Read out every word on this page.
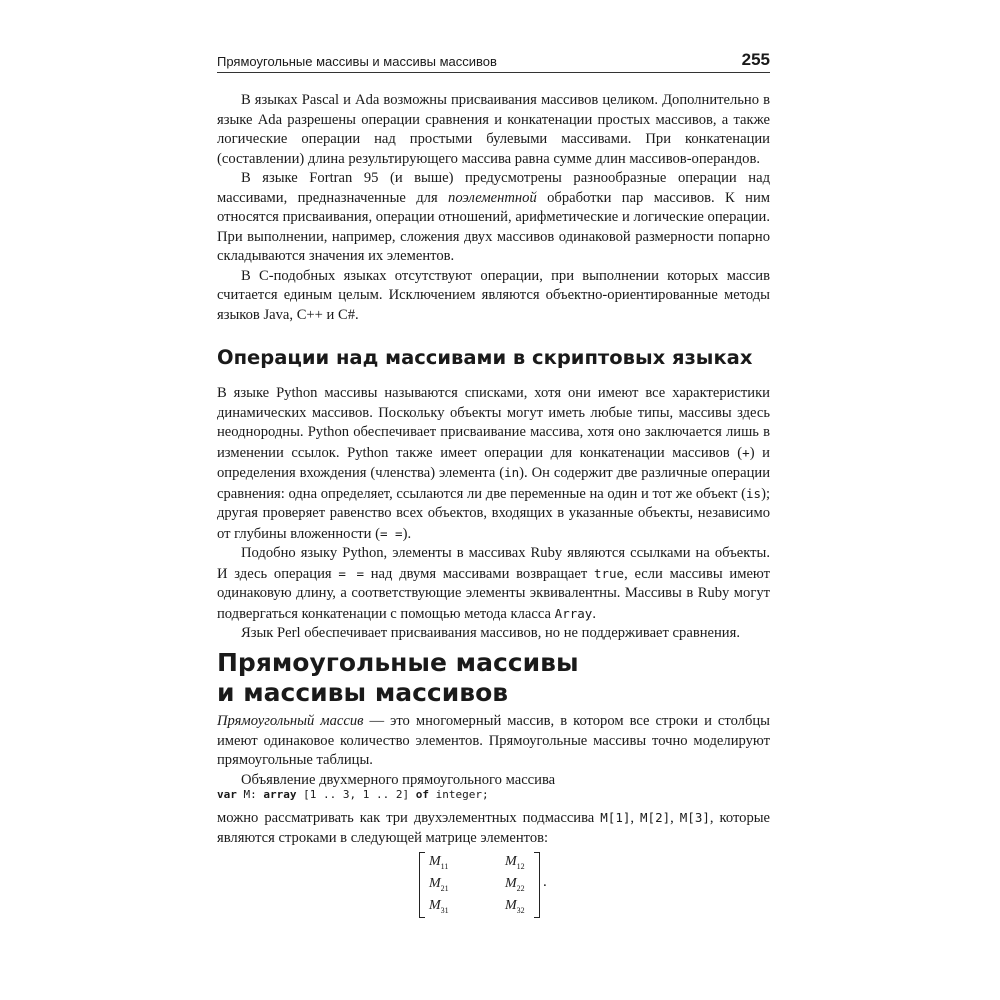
Прямоугольные массивы и массивы массивов	255

В языках Pascal и Ada возможны присваивания массивов целиком. Дополнительно в языке Ada разрешены операции сравнения и конкатенации простых массивов, а также логические операции над простыми булевыми массивами. При конкатенации (составлении) длина результирующего массива равна сумме длин массивов-операндов.

В языке Fortran 95 (и выше) предусмотрены разнообразные операции над массивами, предназначенные для поэлементной обработки пар массивов. К ним относятся присваивания, операции отношений, арифметические и логические операции. При выполнении, например, сложения двух массивов одинаковой размерности попарно складываются значения их элементов.

В С-подобных языках отсутствуют операции, при выполнении которых массив считается единым целым. Исключением являются объектно-ориентированные методы языков Java, C++ и C#.

Операции над массивами в скриптовых языках

В языке Python массивы называются списками, хотя они имеют все характеристики динамических массивов. Поскольку объекты могут иметь любые типы, массивы здесь неоднородны. Python обеспечивает присваивание массива, хотя оно заключается лишь в изменении ссылок. Python также имеет операции для конкатенации массивов (+) и определения вхождения (членства) элемента (in). Он содержит две различные операции сравнения: одна определяет, ссылаются ли две переменные на один и тот же объект (is); другая проверяет равенство всех объектов, входящих в указанные объекты, независимо от глубины вложенности (= =).

Подобно языку Python, элементы в массивах Ruby являются ссылками на объекты. И здесь операция = = над двумя массивами возвращает true, если массивы имеют одинаковую длину, а соответствующие элементы эквивалентны. Массивы в Ruby могут подвергаться конкатенации с помощью метода класса Array.

Язык Perl обеспечивает присваивания массивов, но не поддерживает сравнения.

Прямоугольные массивы
и массивы массивов

Прямоугольный массив — это многомерный массив, в котором все строки и столбцы имеют одинаковое количество элементов. Прямоугольные массивы точно моделируют прямоугольные таблицы.

Объявление двухмерного прямоугольного массива

var M: array [1 .. 3, 1 .. 2] of integer;

можно рассматривать как три двухэлементных подмассива M[1], M[2], M[3], которые являются строками в следующей матрице элементов:

$M_{11}$	$M_{12}$
$M_{21}$	$M_{22}$
$M_{31}$	$M_{32}$
.
